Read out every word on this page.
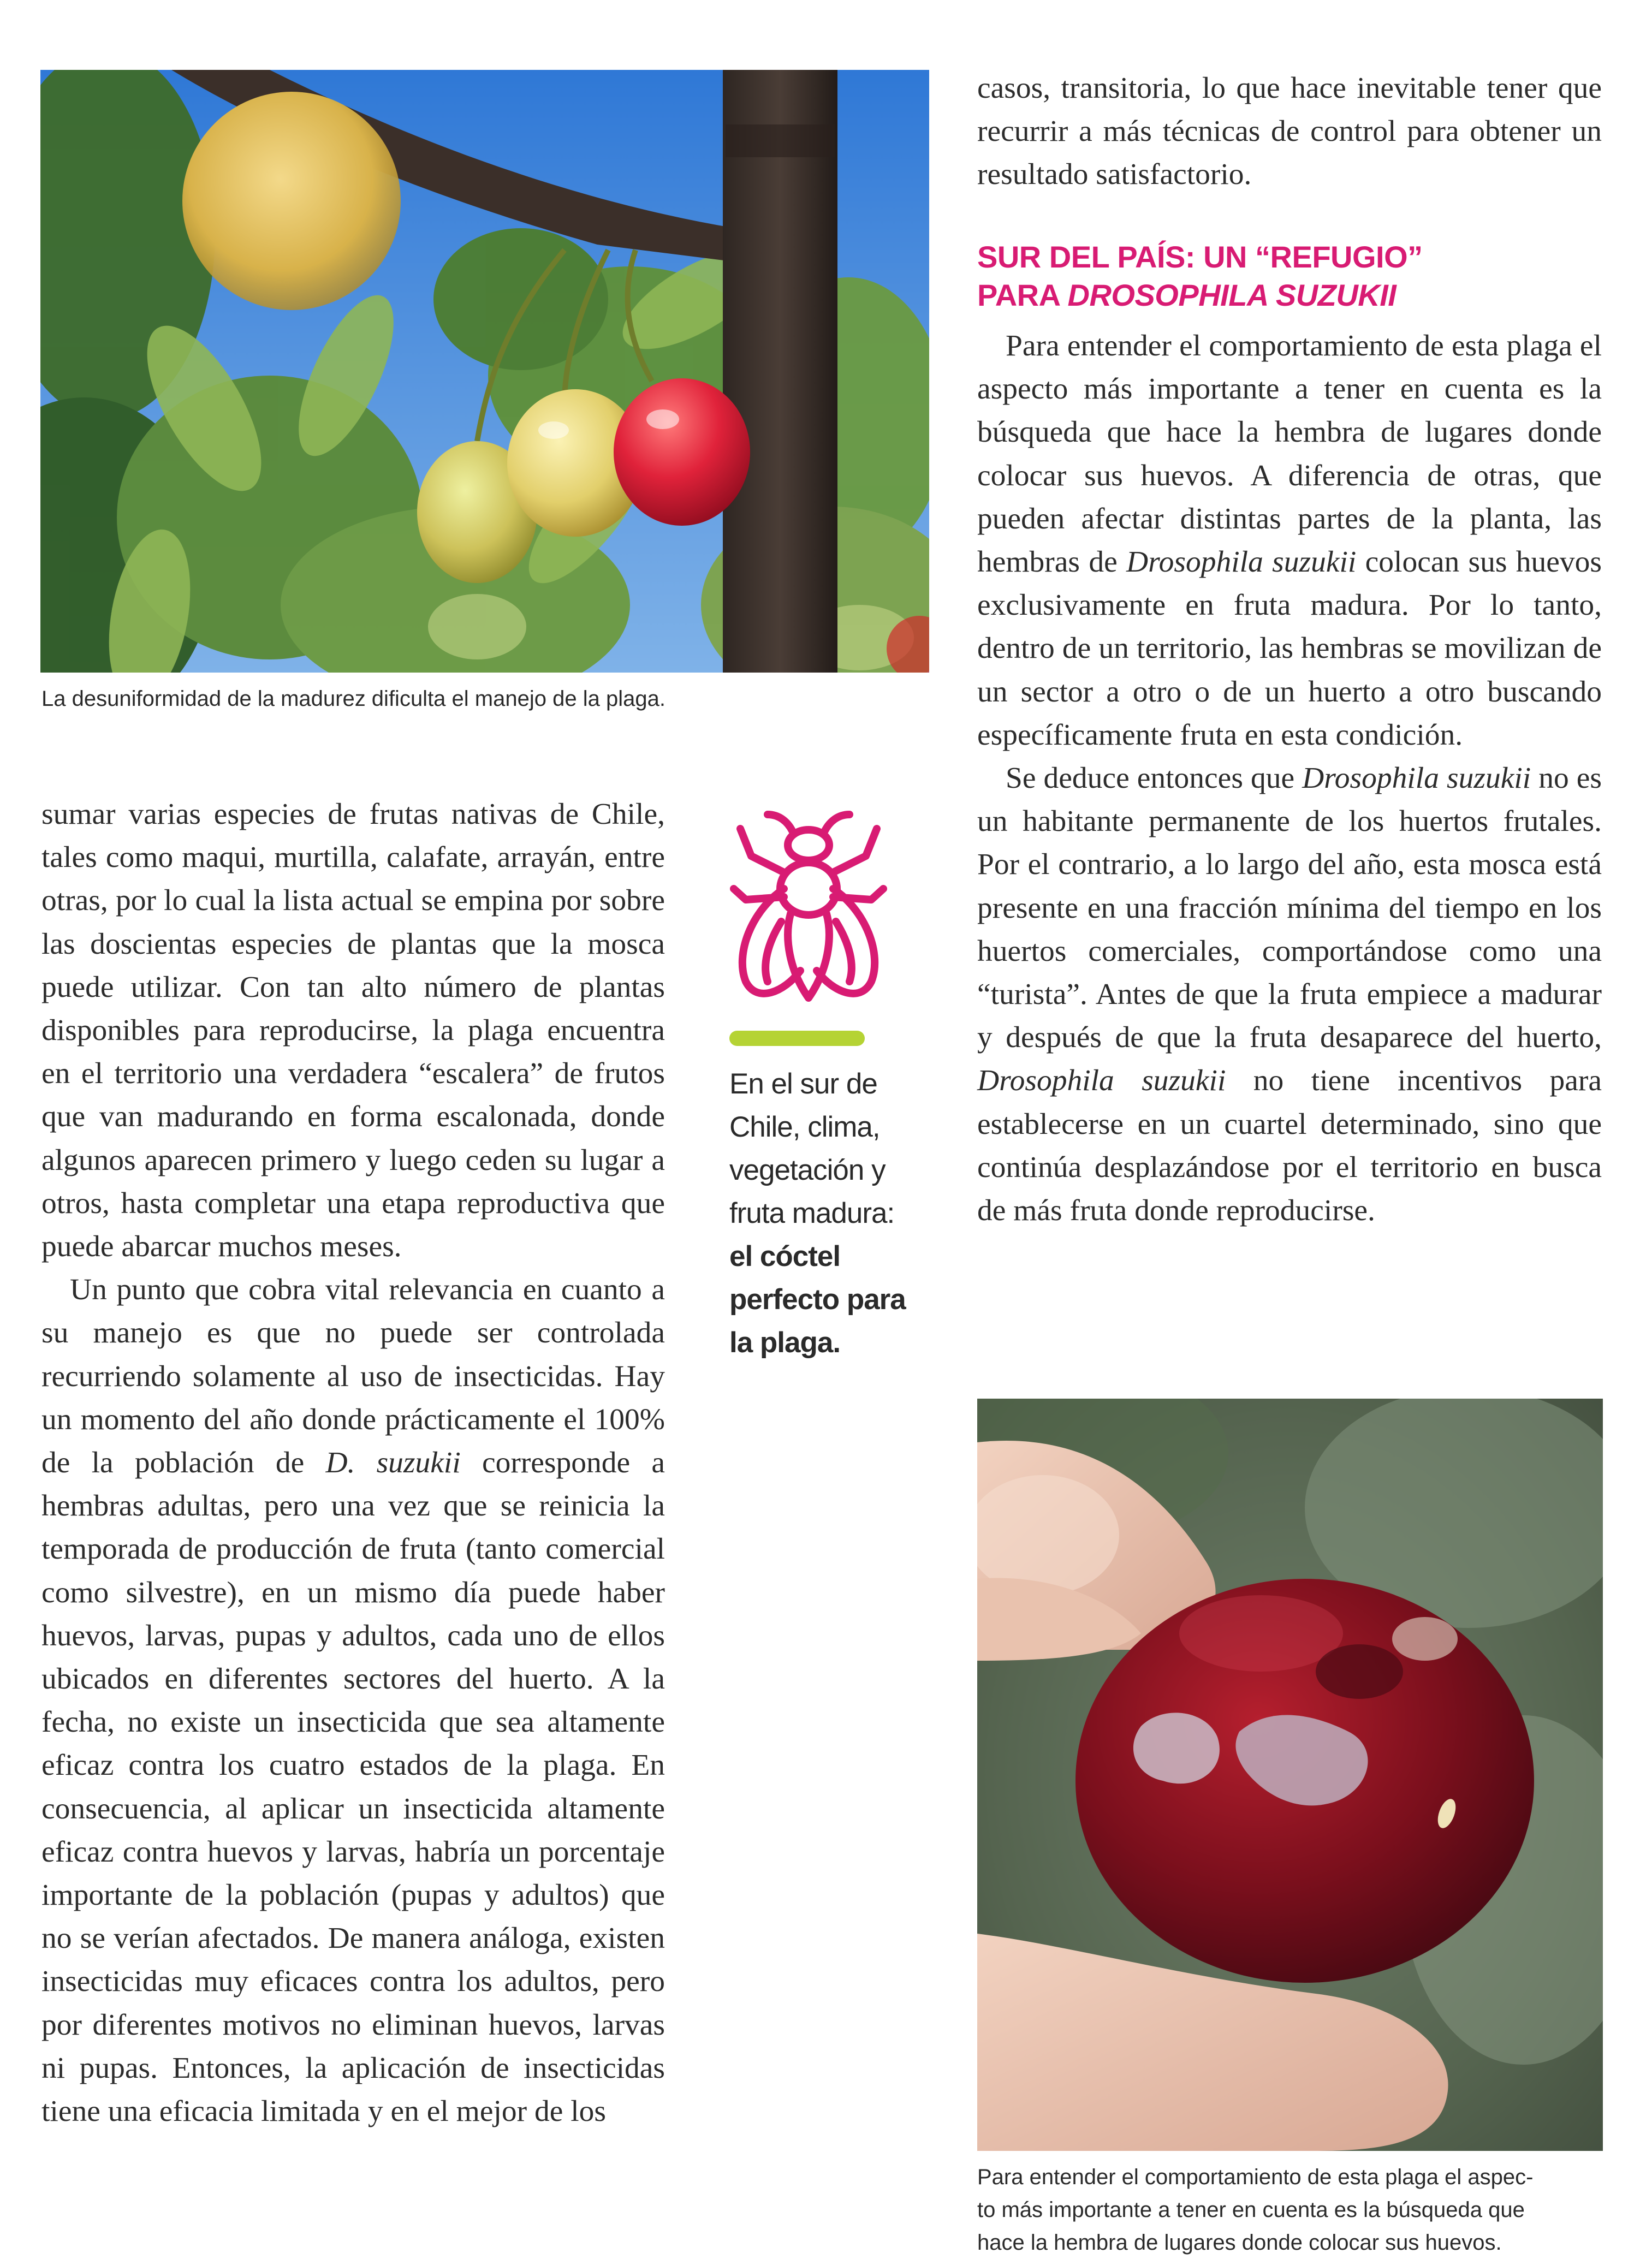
La desuniformidad de la madurez dificulta el manejo de la plaga.

sumar varias especies de frutas nativas de Chile, tales como maqui, murtilla, calafate, arrayán, entre otras, por lo cual la lista actual se empina por sobre las doscientas especies de plantas que la mosca puede utilizar. Con tan alto número de plantas disponibles para reproducirse, la plaga encuentra en el territorio una verdadera “escalera” de frutos que van madurando en forma escalonada, donde algunos aparecen primero y luego ceden su lugar a otros, hasta completar una etapa reproductiva que puede abarcar muchos meses.

Un punto que cobra vital relevancia en cuanto a su manejo es que no puede ser controlada recurriendo solamente al uso de insecticidas. Hay un momento del año donde prácticamente el 100% de la población de D. suzukii corresponde a hembras adultas, pero una vez que se reinicia la temporada de producción de fruta (tanto comercial como silvestre), en un mismo día puede haber huevos, larvas, pupas y adultos, cada uno de ellos ubicados en diferentes sectores del huerto. A la fecha, no existe un insecticida que sea altamente eficaz contra los cuatro estados de la plaga. En consecuencia, al aplicar un insecticida altamente eficaz contra huevos y larvas, habría un porcentaje importante de la población (pupas y adultos) que no se verían afectados. De manera análoga, existen insecticidas muy eficaces contra los adultos, pero por diferentes motivos no eliminan huevos, larvas ni pupas. Entonces, la aplicación de insecticidas tiene una eficacia limitada y en el mejor de los

En el sur de
Chile, clima,
vegetación y
fruta madura:
el cóctel
perfecto para
la plaga.

casos, transitoria, lo que hace inevitable tener que recurrir a más técnicas de control para obtener un resultado satisfactorio.

SUR DEL PAÍS: UN “REFUGIO”
PARA DROSOPHILA SUZUKII

Para entender el comportamiento de esta plaga el aspecto más importante a tener en cuenta es la búsqueda que hace la hembra de lugares donde colocar sus huevos. A diferencia de otras, que pueden afectar distintas partes de la planta, las hembras de Drosophila suzukii colocan sus huevos exclusivamente en fruta madura. Por lo tanto, dentro de un territorio, las hembras se movilizan de un sector a otro o de un huerto a otro buscando específicamente fruta en esta condición.

Se deduce entonces que Drosophila suzukii no es un habitante permanente de los huertos frutales. Por el contrario, a lo largo del año, esta mosca está presente en una fracción mínima del tiempo en los huertos comerciales, comportándose como una “turista”. Antes de que la fruta empiece a madurar y después de que la fruta desaparece del huerto, Drosophila suzukii no tiene incentivos para establecerse en un cuartel determinado, sino que continúa desplazándose por el territorio en busca de más fruta donde reproducirse.

Para entender el comportamiento de esta plaga el aspec-
to más importante a tener en cuenta es la búsqueda que
hace la hembra de lugares donde colocar sus huevos.
